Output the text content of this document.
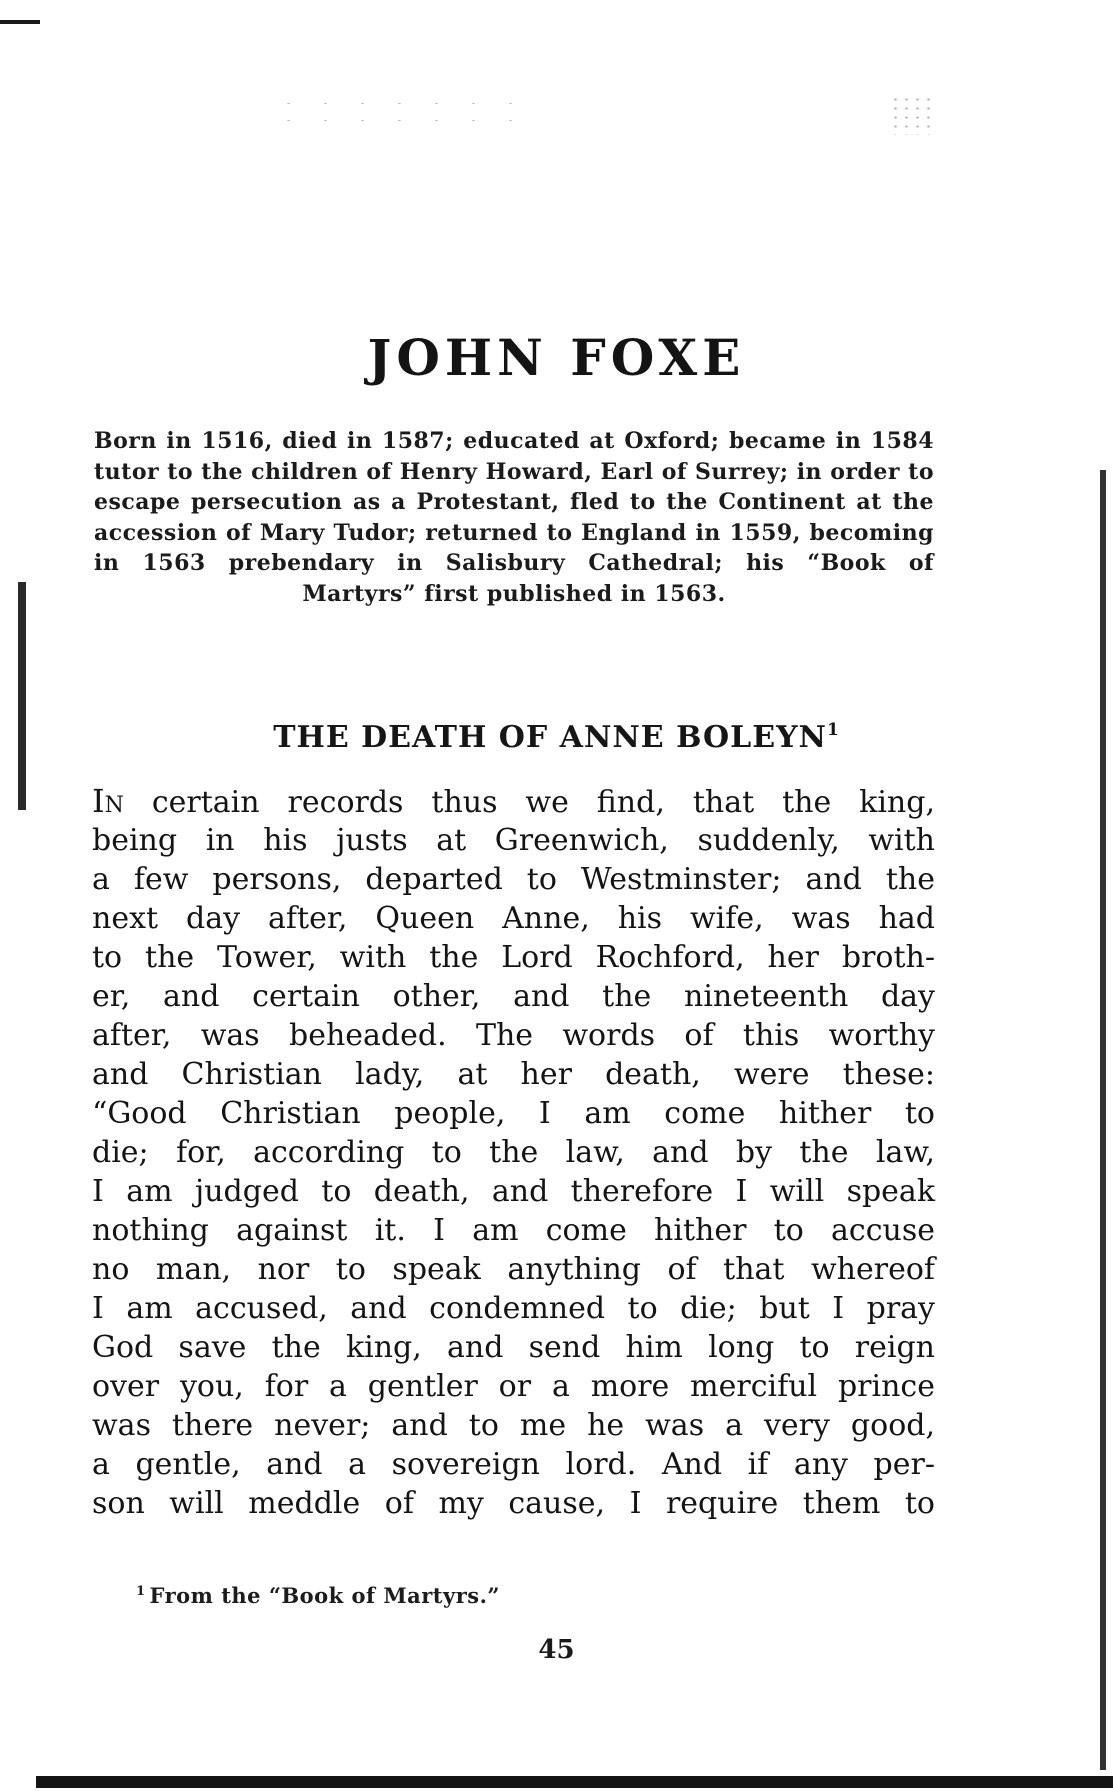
JOHN FOXE
Born in 1516, died in 1587; educated at Oxford; became in 1584 tutor to the children of Henry Howard, Earl of Surrey; in order to escape persecution as a Protestant, fled to the Continent at the accession of Mary Tudor; returned to England in 1559, becoming in 1563 prebendary in Salisbury Cathedral; his “Book of Martyrs” first published in 1563.
THE DEATH OF ANNE BOLEYN$^1$
In certain records thus we find, that the king,
being in his justs at Greenwich, suddenly, with
a few persons, departed to Westminster; and the
next day after, Queen Anne, his wife, was had
to the Tower, with the Lord Rochford, her broth-
er, and certain other, and the nineteenth day
after, was beheaded. The words of this worthy
and Christian lady, at her death, were these:
“Good Christian people, I am come hither to
die; for, according to the law, and by the law,
I am judged to death, and therefore I will speak
nothing against it. I am come hither to accuse
no man, nor to speak anything of that whereof
I am accused, and condemned to die; but I pray
God save the king, and send him long to reign
over you, for a gentler or a more merciful prince
was there never; and to me he was a very good,
a gentle, and a sovereign lord. And if any per-
son will meddle of my cause, I require them to
$^1$ From the “Book of Martyrs.”
45
